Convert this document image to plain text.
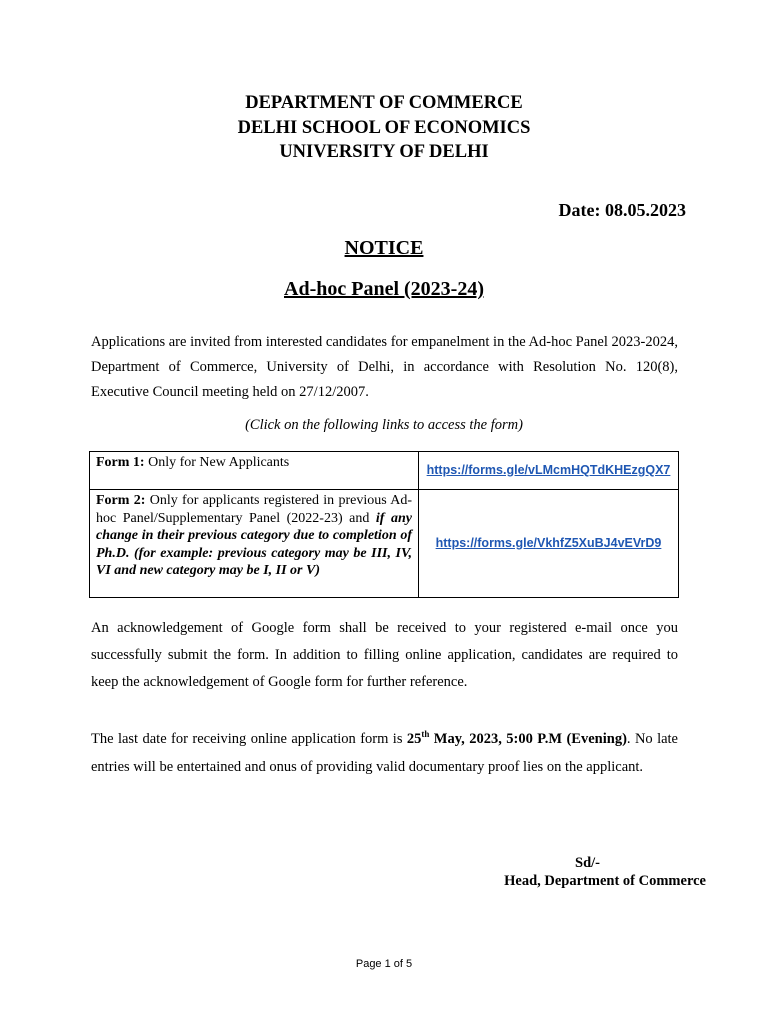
DEPARTMENT OF COMMERCE
DELHI SCHOOL OF ECONOMICS
UNIVERSITY OF DELHI
Date: 08.05.2023
NOTICE
Ad-hoc Panel (2023-24)
Applications are invited from interested candidates for empanelment in the Ad-hoc Panel 2023-2024, Department of Commerce, University of Delhi, in accordance with Resolution No. 120(8), Executive Council meeting held on 27/12/2007.
(Click on the following links to access the form)
Form 1: Only for New Applicants	https://forms.gle/vLMcmHQTdKHEzgQX7
Form 2: Only for applicants registered in previous Ad-hoc Panel/Supplementary Panel (2022-23) and if any change in their previous category due to completion of Ph.D. (for example: previous category may be III, IV, VI and new category may be I, II or V)	https://forms.gle/VkhfZ5XuBJ4vEVrD9
An acknowledgement of Google form shall be received to your registered e-mail once you successfully submit the form. In addition to filling online application, candidates are required to keep the acknowledgement of Google form for further reference.
The last date for receiving online application form is 25th May, 2023, 5:00 P.M (Evening). No late entries will be entertained and onus of providing valid documentary proof lies on the applicant.
Sd/-
Head, Department of Commerce
Page 1 of 5
